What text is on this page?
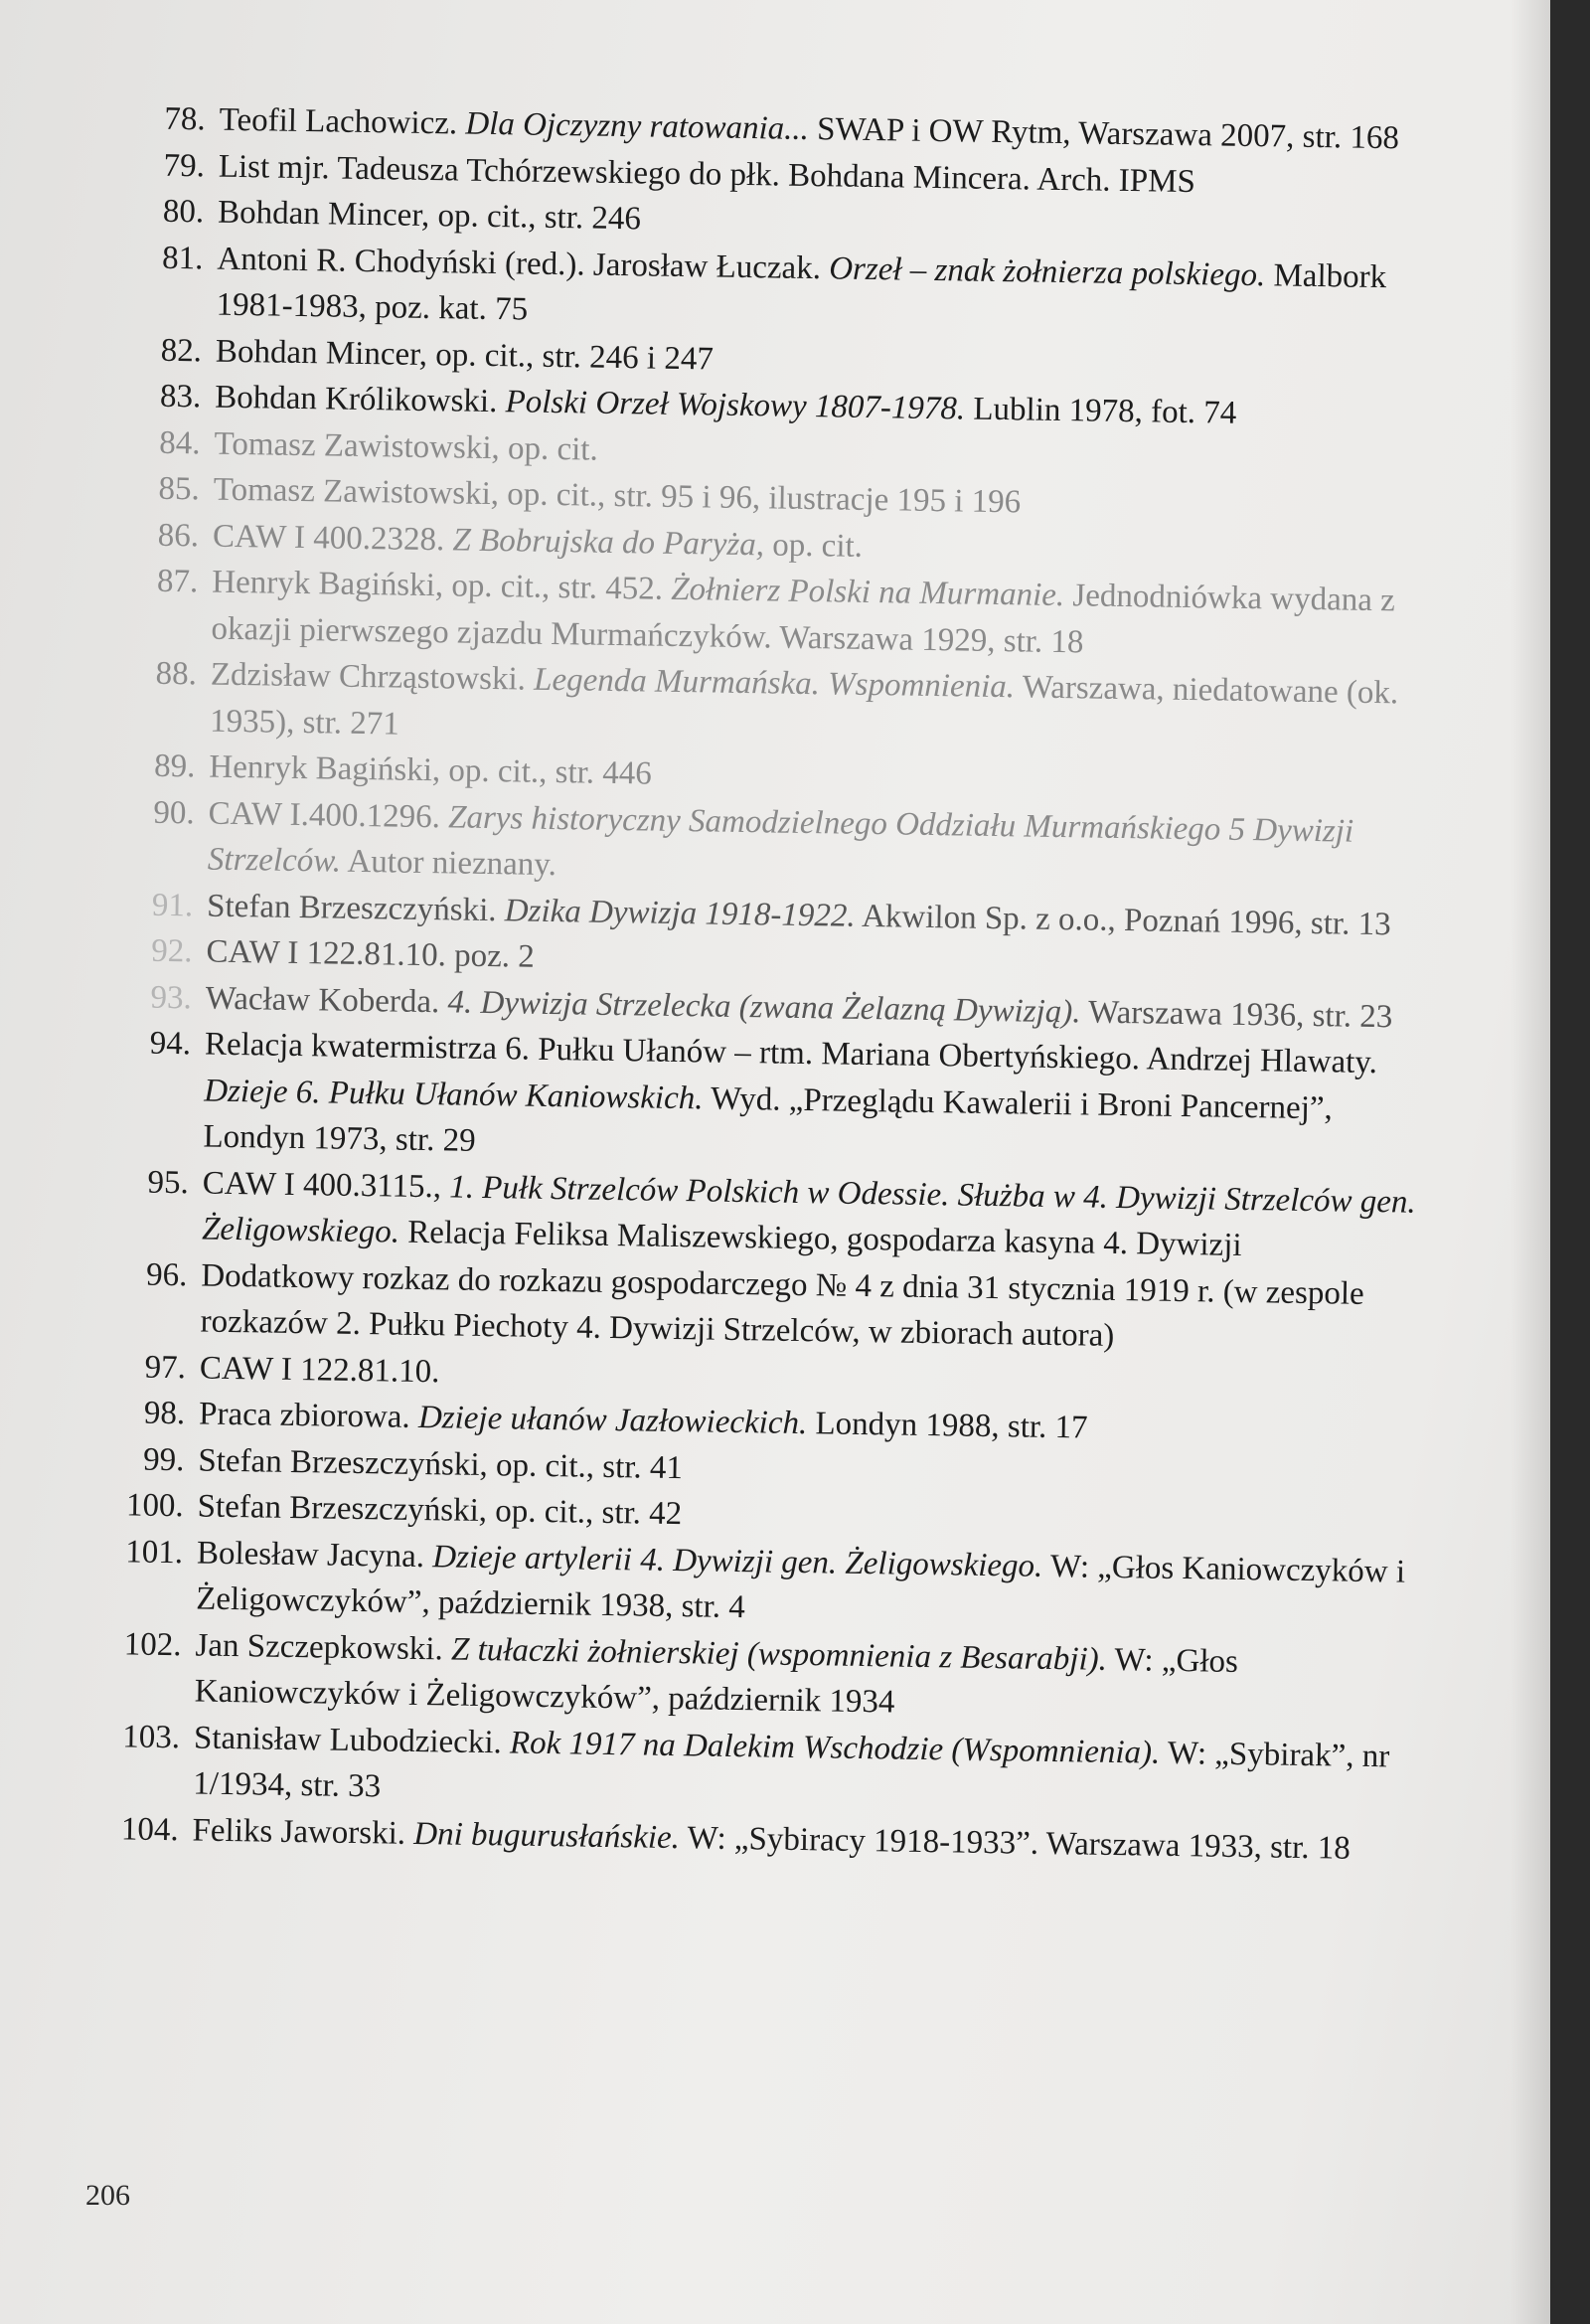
78. Teofil Lachowicz. Dla Ojczyzny ratowania... SWAP i OW Rytm, Warszawa 2007, str. 168
79. List mjr. Tadeusza Tchórzewskiego do płk. Bohdana Mincera. Arch. IPMS
80. Bohdan Mincer, op. cit., str. 246
81. Antoni R. Chodyński (red.). Jarosław Łuczak. Orzeł – znak żołnierza polskiego. Malbork 1981-1983, poz. kat. 75
82. Bohdan Mincer, op. cit., str. 246 i 247
83. Bohdan Królikowski. Polski Orzeł Wojskowy 1807-1978. Lublin 1978, fot. 74
84. Tomasz Zawistowski, op. cit.
85. Tomasz Zawistowski, op. cit., str. 95 i 96, ilustracje 195 i 196
86. CAW I 400.2328. Z Bobrujska do Paryża, op. cit.
87. Henryk Bagiński, op. cit., str. 452. Żołnierz Polski na Murmanie. Jednodniówka wydana z okazji pierwszego zjazdu Murmańczyków. Warszawa 1929, str. 18
88. Zdzisław Chrząstowski. Legenda Murmańska. Wspomnienia. Warszawa, niedatowane (ok. 1935), str. 271
89. Henryk Bagiński, op. cit., str. 446
90. CAW I.400.1296. Zarys historyczny Samodzielnego Oddziału Murmańskiego 5 Dywizji Strzelców. Autor nieznany.
91. Stefan Brzeszczyński. Dzika Dywizja 1918-1922. Akwilon Sp. z o.o., Poznań 1996, str. 13
92. CAW I 122.81.10. poz. 2
93. Wacław Koberda. 4. Dywizja Strzelecka (zwana Żelazną Dywizją). Warszawa 1936, str. 23
94. Relacja kwatermistrza 6. Pułku Ułanów – rtm. Mariana Obertyńskiego. Andrzej Hlawaty. Dzieje 6. Pułku Ułanów Kaniowskich. Wyd. „Przeglądu Kawalerii i Broni Pancernej”, Londyn 1973, str. 29
95. CAW I 400.3115., 1. Pułk Strzelców Polskich w Odessie. Służba w 4. Dywizji Strzelców gen. Żeligowskiego. Relacja Feliksa Maliszewskiego, gospodarza kasyna 4. Dywizji
96. Dodatkowy rozkaz do rozkazu gospodarczego № 4 z dnia 31 stycznia 1919 r. (w zespole rozkazów 2. Pułku Piechoty 4. Dywizji Strzelców, w zbiorach autora)
97. CAW I 122.81.10.
98. Praca zbiorowa. Dzieje ułanów Jazłowieckich. Londyn 1988, str. 17
99. Stefan Brzeszczyński, op. cit., str. 41
100. Stefan Brzeszczyński, op. cit., str. 42
101. Bolesław Jacyna. Dzieje artylerii 4. Dywizji gen. Żeligowskiego. W: „Głos Kaniowczyków i Żeligowczyków”, październik 1938, str. 4
102. Jan Szczepkowski. Z tułaczki żołnierskiej (wspomnienia z Besarabji). W: „Głos Kaniowczyków i Żeligowczyków”, październik 1934
103. Stanisław Lubodziecki. Rok 1917 na Dalekim Wschodzie (Wspomnienia). W: „Sybirak”, nr 1/1934, str. 33
104. Feliks Jaworski. Dni bugurusłańskie. W: „Sybiracy 1918-1933”. Warszawa 1933, str. 18
206
